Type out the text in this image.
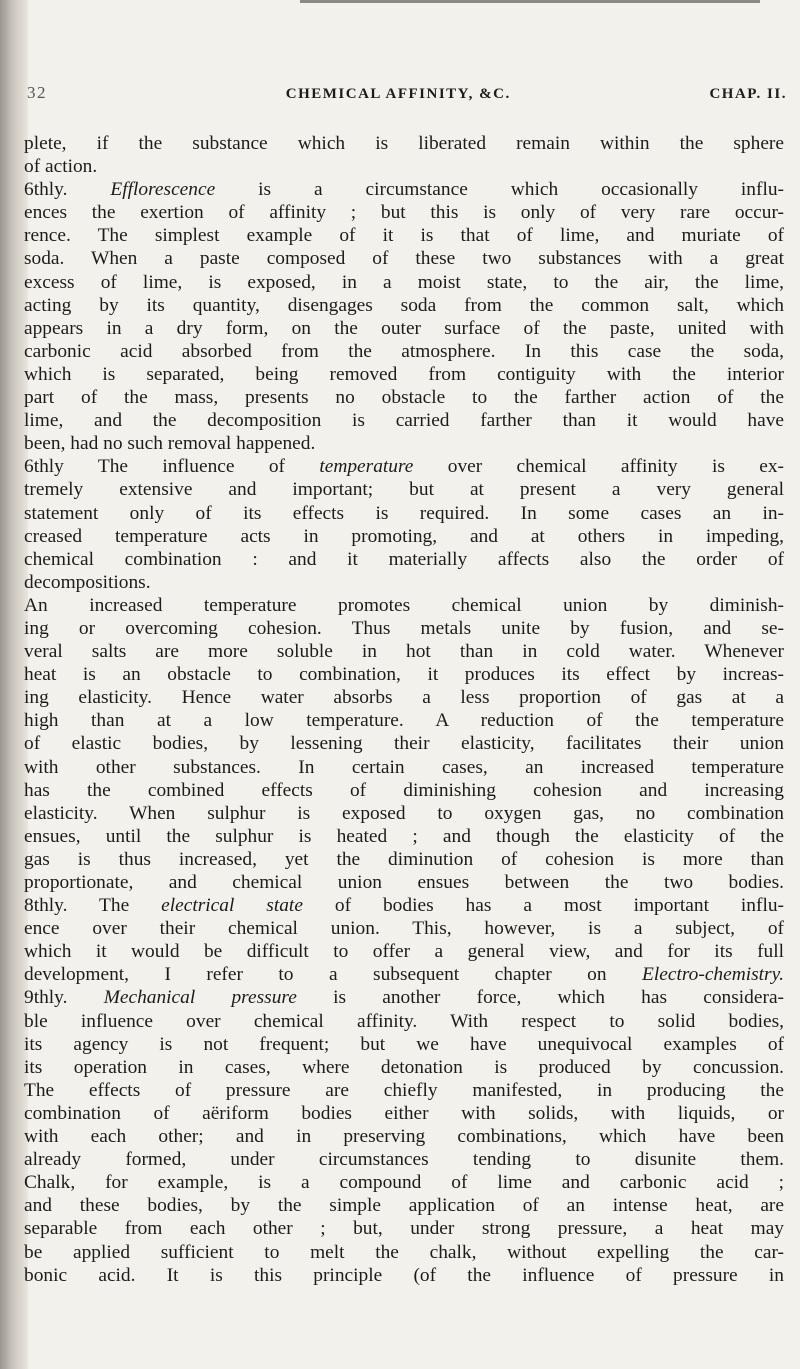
32	CHEMICAL AFFINITY, &C.	CHAP. II.
plete, if the substance which is liberated remain within the sphere
of action.
6thly. Efflorescence is a circumstance which occasionally influ-
ences the exertion of affinity ; but this is only of very rare occur-
rence. The simplest example of it is that of lime, and muriate of
soda. When a paste composed of these two substances with a great
excess of lime, is exposed, in a moist state, to the air, the lime,
acting by its quantity, disengages soda from the common salt, which
appears in a dry form, on the outer surface of the paste, united with
carbonic acid absorbed from the atmosphere. In this case the soda,
which is separated, being removed from contiguity with the interior
part of the mass, presents no obstacle to the farther action of the
lime, and the decomposition is carried farther than it would have
been, had no such removal happened.
6thly The influence of temperature over chemical affinity is ex-
tremely extensive and important; but at present a very general
statement only of its effects is required. In some cases an in-
creased temperature acts in promoting, and at others in impeding,
chemical combination : and it materially affects also the order of
decompositions.
An increased temperature promotes chemical union by diminish-
ing or overcoming cohesion. Thus metals unite by fusion, and se-
veral salts are more soluble in hot than in cold water. Whenever
heat is an obstacle to combination, it produces its effect by increas-
ing elasticity. Hence water absorbs a less proportion of gas at a
high than at a low temperature. A reduction of the temperature
of elastic bodies, by lessening their elasticity, facilitates their union
with other substances. In certain cases, an increased temperature
has the combined effects of diminishing cohesion and increasing
elasticity. When sulphur is exposed to oxygen gas, no combination
ensues, until the sulphur is heated ; and though the elasticity of the
gas is thus increased, yet the diminution of cohesion is more than
proportionate, and chemical union ensues between the two bodies.
8thly. The electrical state of bodies has a most important influ-
ence over their chemical union. This, however, is a subject, of
which it would be difficult to offer a general view, and for its full
development, I refer to a subsequent chapter on Electro-chemistry.
9thly. Mechanical pressure is another force, which has considera-
ble influence over chemical affinity. With respect to solid bodies,
its agency is not frequent; but we have unequivocal examples of
its operation in cases, where detonation is produced by concussion.
The effects of pressure are chiefly manifested, in producing the
combination of aëriform bodies either with solids, with liquids, or
with each other; and in preserving combinations, which have been
already formed, under circumstances tending to disunite them.
Chalk, for example, is a compound of lime and carbonic acid ;
and these bodies, by the simple application of an intense heat, are
separable from each other ; but, under strong pressure, a heat may
be applied sufficient to melt the chalk, without expelling the car-
bonic acid. It is this principle (of the influence of pressure in
